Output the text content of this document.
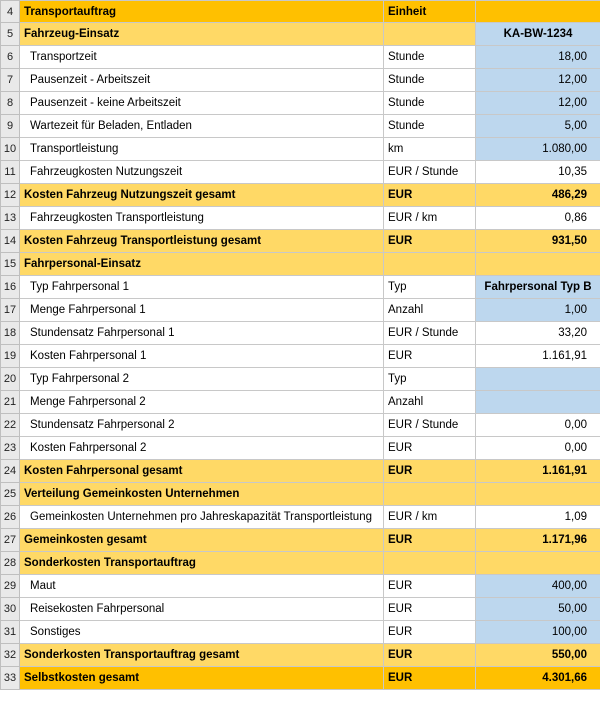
4	Transportauftrag	Einheit	
5	Fahrzeug-Einsatz		KA-BW-1234
6	Transportzeit	Stunde	18,00
7	Pausenzeit - Arbeitszeit	Stunde	12,00
8	Pausenzeit - keine Arbeitszeit	Stunde	12,00
9	Wartezeit für Beladen, Entladen	Stunde	5,00
10	Transportleistung	km	1.080,00
11	Fahrzeugkosten Nutzungszeit	EUR / Stunde	10,35
12	Kosten Fahrzeug Nutzungszeit gesamt	EUR	486,29
13	Fahrzeugkosten Transportleistung	EUR / km	0,86
14	Kosten Fahrzeug Transportleistung gesamt	EUR	931,50
15	Fahrpersonal-Einsatz		
16	Typ Fahrpersonal 1	Typ	Fahrpersonal Typ B
17	Menge Fahrpersonal 1	Anzahl	1,00
18	Stundensatz Fahrpersonal 1	EUR / Stunde	33,20
19	Kosten Fahrpersonal 1	EUR	1.161,91
20	Typ Fahrpersonal 2	Typ	
21	Menge Fahrpersonal 2	Anzahl	
22	Stundensatz Fahrpersonal 2	EUR / Stunde	0,00
23	Kosten Fahrpersonal 2	EUR	0,00
24	Kosten Fahrpersonal gesamt	EUR	1.161,91
25	Verteilung Gemeinkosten Unternehmen		
26	Gemeinkosten Unternehmen pro Jahreskapazität Transportleistung	EUR / km	1,09
27	Gemeinkosten gesamt	EUR	1.171,96
28	Sonderkosten Transportauftrag		
29	Maut	EUR	400,00
30	Reisekosten Fahrpersonal	EUR	50,00
31	Sonstiges	EUR	100,00
32	Sonderkosten Transportauftrag gesamt	EUR	550,00
33	Selbstkosten gesamt	EUR	4.301,66
